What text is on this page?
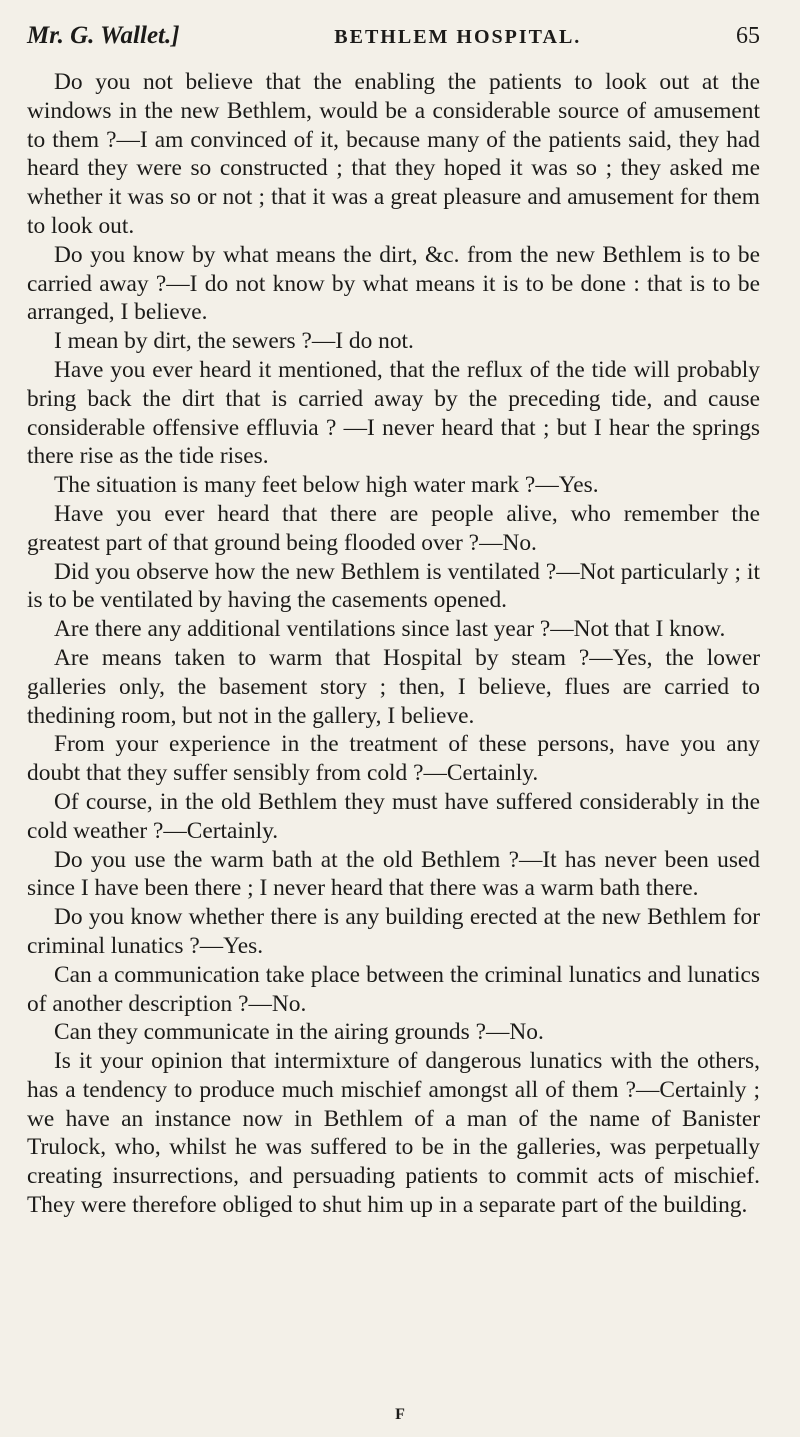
Mr. G. Wallet.]	BETHLEM HOSPITAL.	65

Do you not believe that the enabling the patients to look out at the windows in the new Bethlem, would be a considerable source of amusement to them ?—I am convinced of it, because many of the patients said, they had heard they were so constructed ; that they hoped it was so ; they asked me whether it was so or not ; that it was a great pleasure and amusement for them to look out.

Do you know by what means the dirt, &c. from the new Bethlem is to be carried away ?—I do not know by what means it is to be done : that is to be arranged, I believe.

I mean by dirt, the sewers ?—I do not.

Have you ever heard it mentioned, that the reflux of the tide will probably bring back the dirt that is carried away by the preceding tide, and cause considerable offensive effluvia ? —I never heard that ; but I hear the springs there rise as the tide rises.

The situation is many feet below high water mark ?—Yes.

Have you ever heard that there are people alive, who remember the greatest part of that ground being flooded over ?—No.

Did you observe how the new Bethlem is ventilated ?—Not particularly ; it is to be ventilated by having the casements opened.

Are there any additional ventilations since last year ?—Not that I know.

Are means taken to warm that Hospital by steam ?—Yes, the lower galleries only, the basement story ; then, I believe, flues are carried to thedining room, but not in the gallery, I believe.

From your experience in the treatment of these persons, have you any doubt that they suffer sensibly from cold ?—Certainly.

Of course, in the old Bethlem they must have suffered considerably in the cold weather ?—Certainly.

Do you use the warm bath at the old Bethlem ?—It has never been used since I have been there ; I never heard that there was a warm bath there.

Do you know whether there is any building erected at the new Bethlem for criminal lunatics ?—Yes.

Can a communication take place between the criminal lunatics and lunatics of another description ?—No.

Can they communicate in the airing grounds ?—No.

Is it your opinion that intermixture of dangerous lunatics with the others, has a tendency to produce much mischief amongst all of them ?—Certainly ; we have an instance now in Bethlem of a man of the name of Banister Trulock, who, whilst he was suffered to be in the galleries, was perpetually creating insurrections, and persuading patients to commit acts of mischief. They were therefore obliged to shut him up in a separate part of the building.

F
